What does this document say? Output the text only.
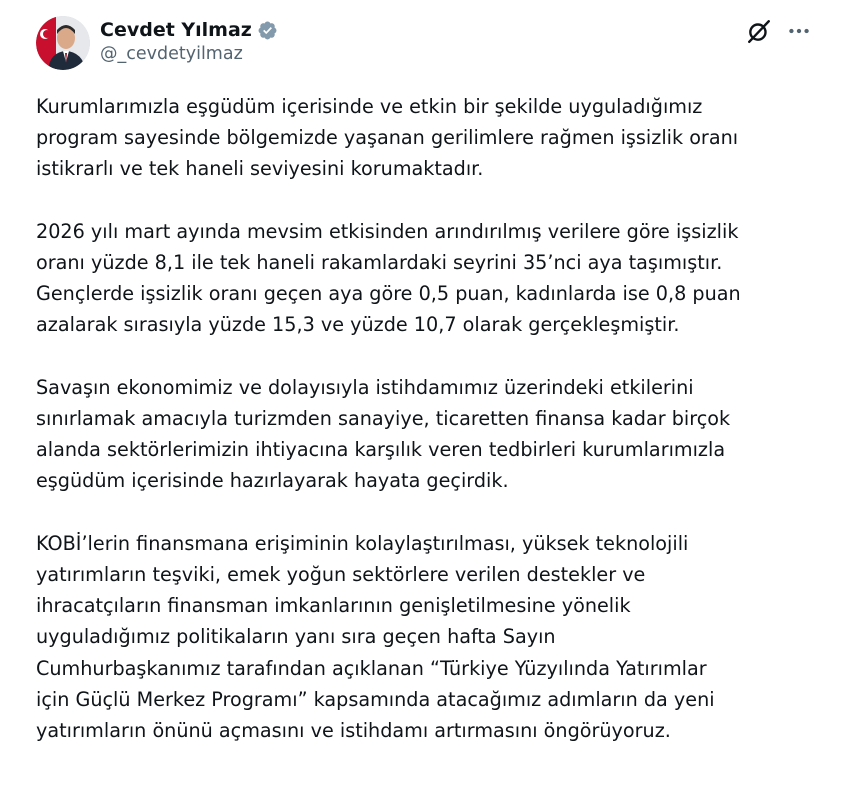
Cevdet Yılmaz
@_cevdetyilmaz

Kurumlarımızla eşgüdüm içerisinde ve etkin bir şekilde uyguladığımız
program sayesinde bölgemizde yaşanan gerilimlere rağmen işsizlik oranı
istikrarlı ve tek haneli seviyesini korumaktadır.

2026 yılı mart ayında mevsim etkisinden arındırılmış verilere göre işsizlik
oranı yüzde 8,1 ile tek haneli rakamlardaki seyrini 35’nci aya taşımıştır.
Gençlerde işsizlik oranı geçen aya göre 0,5 puan, kadınlarda ise 0,8 puan
azalarak sırasıyla yüzde 15,3 ve yüzde 10,7 olarak gerçekleşmiştir.

Savaşın ekonomimiz ve dolayısıyla istihdamımız üzerindeki etkilerini
sınırlamak amacıyla turizmden sanayiye, ticaretten finansa kadar birçok
alanda sektörlerimizin ihtiyacına karşılık veren tedbirleri kurumlarımızla
eşgüdüm içerisinde hazırlayarak hayata geçirdik.

KOBİ’lerin finansmana erişiminin kolaylaştırılması, yüksek teknolojili
yatırımların teşviki, emek yoğun sektörlere verilen destekler ve
ihracatçıların finansman imkanlarının genişletilmesine yönelik
uyguladığımız politikaların yanı sıra geçen hafta Sayın
Cumhurbaşkanımız tarafından açıklanan “Türkiye Yüzyılında Yatırımlar
için Güçlü Merkez Programı” kapsamında atacağımız adımların da yeni
yatırımların önünü açmasını ve istihdamı artırmasını öngörüyoruz.
